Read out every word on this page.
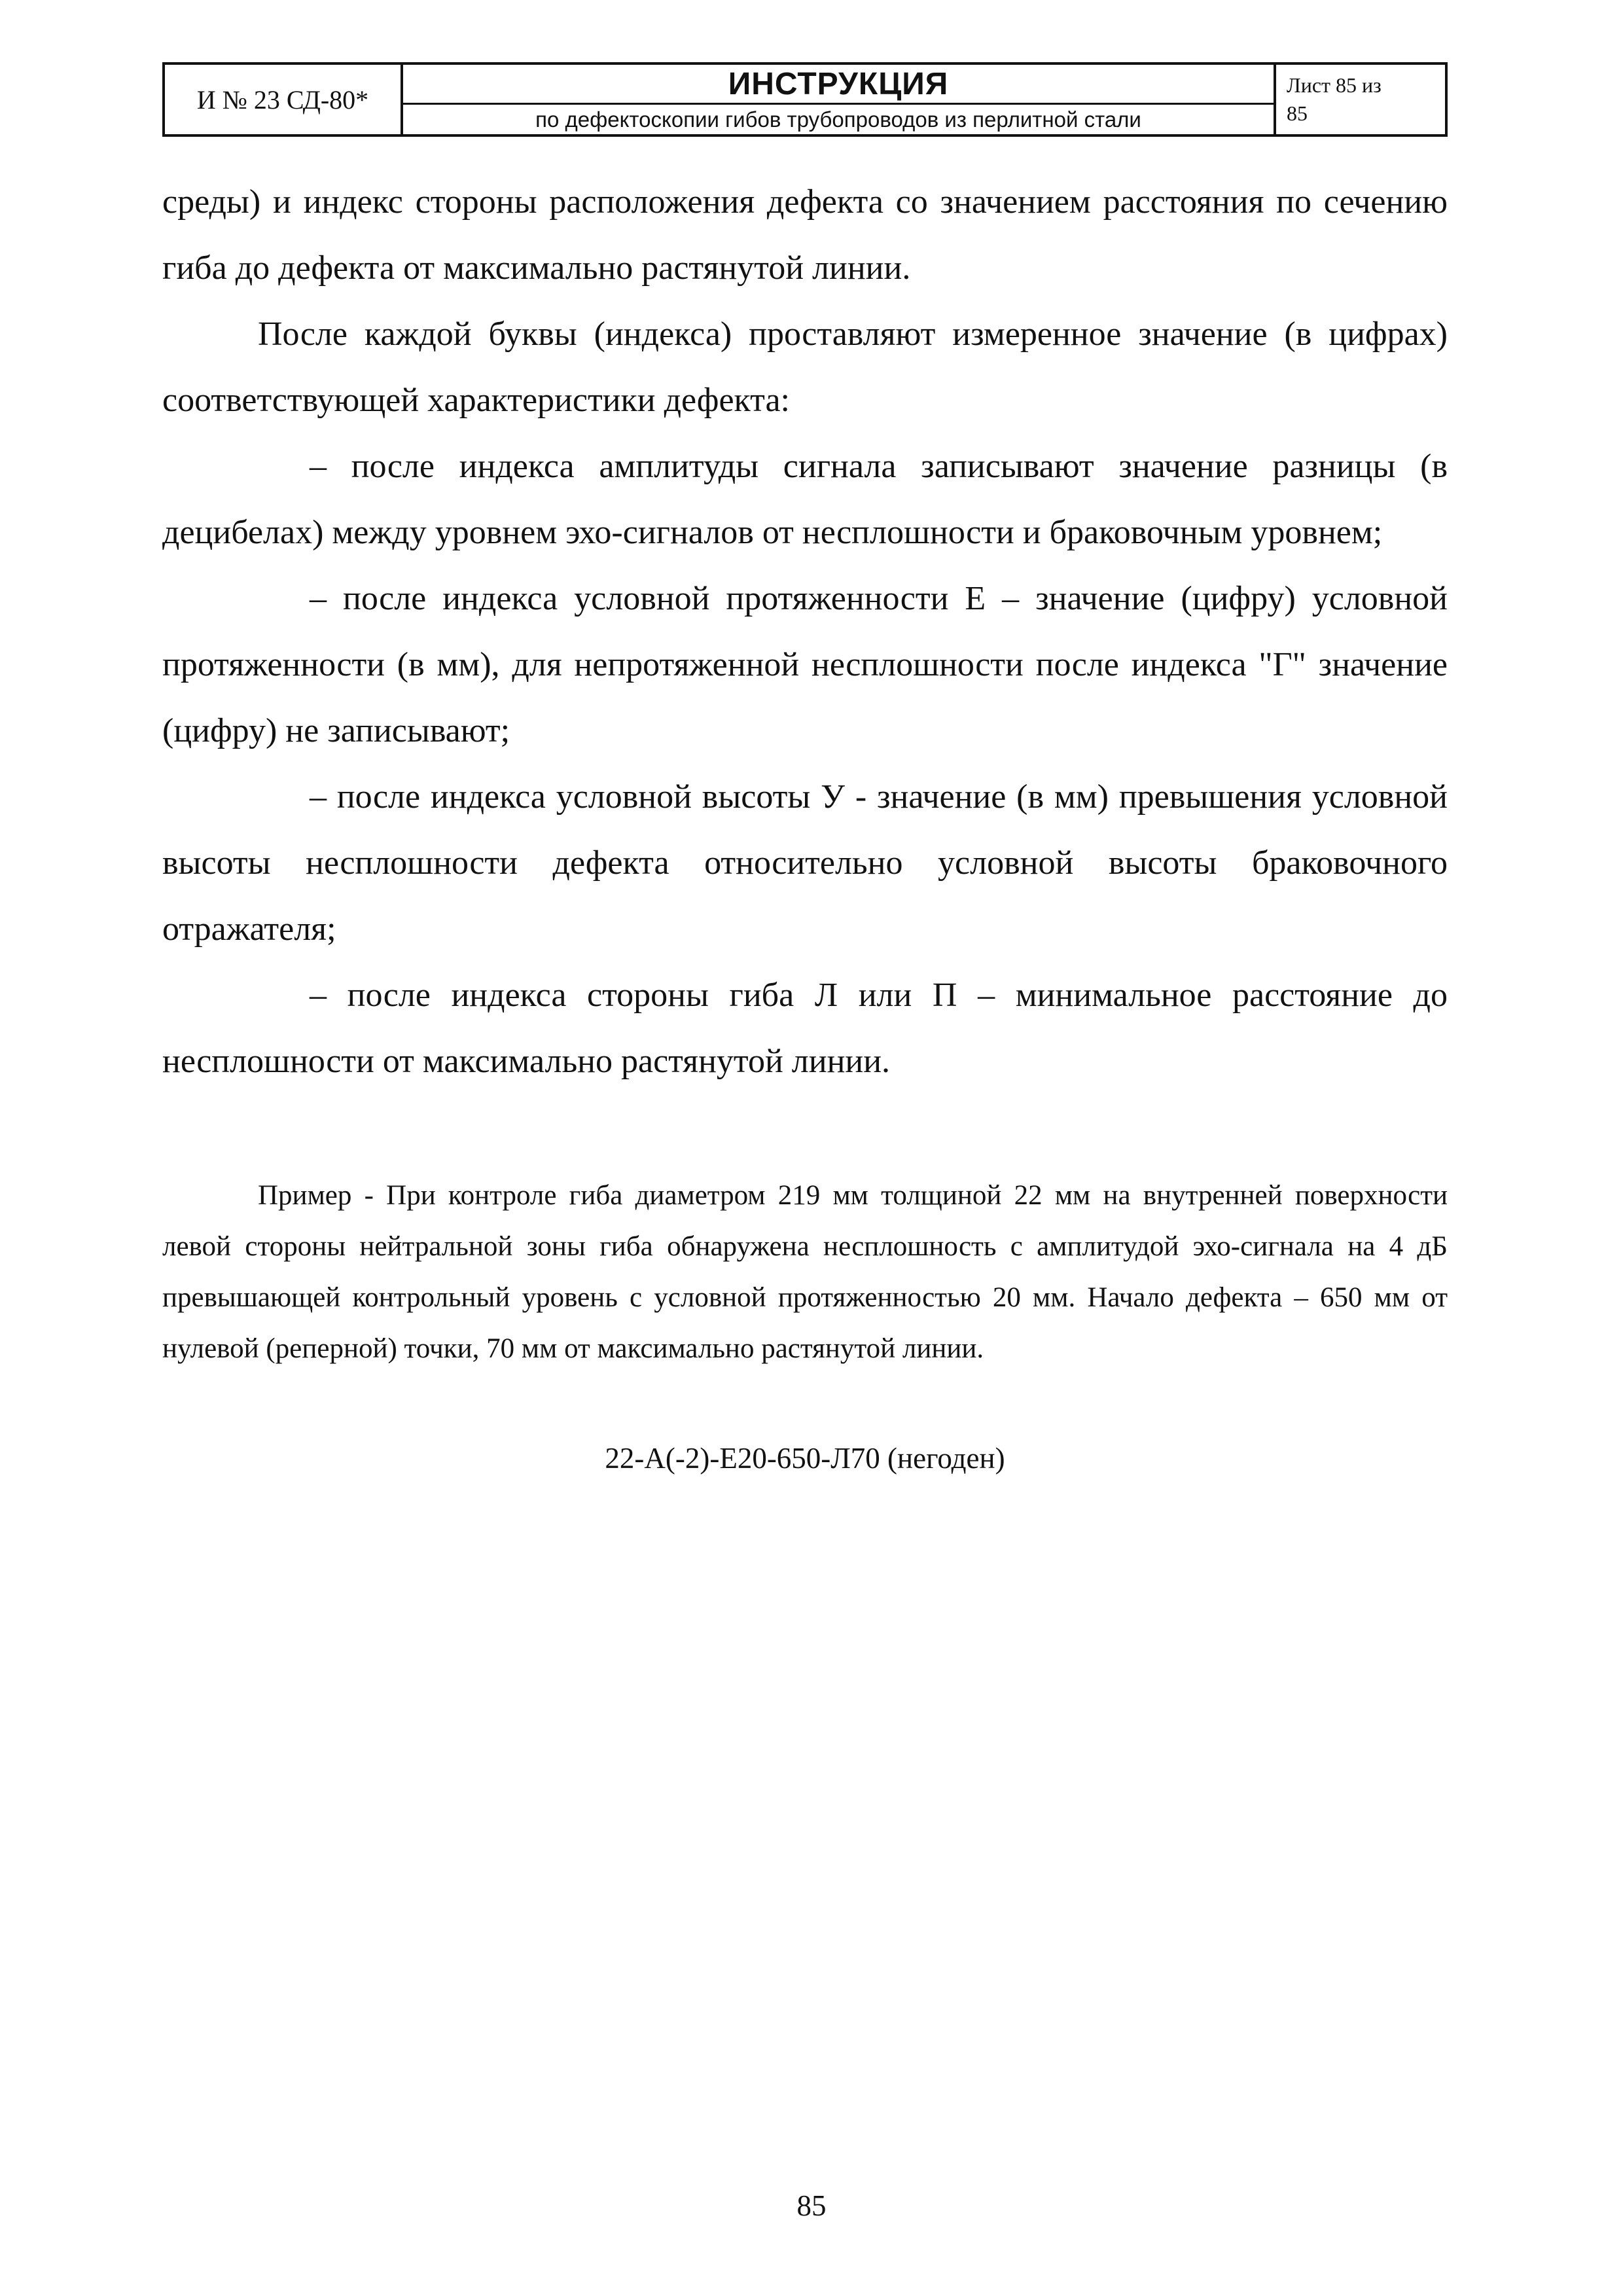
И № 23 СД-80*	ИНСТРУКЦИЯ
по дефектоскопии гибов трубопроводов из перлитной стали
Лист 85 из
85

среды) и индекс стороны расположения дефекта со значением расстояния по сечению гиба до дефекта от максимально растянутой линии.

После каждой буквы (индекса) проставляют измеренное значение (в цифрах) соответствующей характеристики дефекта:

– после индекса амплитуды сигнала записывают значение разницы (в децибелах) между уровнем эхо-сигналов от несплошности и браковочным уровнем;

– после индекса условной протяженности Е – значение (цифру) условной протяженности (в мм), для непротяженной несплошности после индекса "Г" значение (цифру) не записывают;

– после индекса условной высоты У - значение (в мм) превышения условной высоты несплошности дефекта относительно условной высоты браковочного отражателя;

– после индекса стороны гиба Л или П – минимальное расстояние до несплошности от максимально растянутой линии.

Пример - При контроле гиба диаметром 219 мм толщиной 22 мм на внутренней поверхности левой стороны нейтральной зоны гиба обнаружена несплошность с амплитудой эхо-сигнала на 4 дБ превышающей контрольный уровень с условной протяженностью 20 мм. Начало дефекта – 650 мм от нулевой (реперной) точки, 70 мм от максимально растянутой линии.

22-А(-2)-Е20-650-Л70 (негоден)

85
